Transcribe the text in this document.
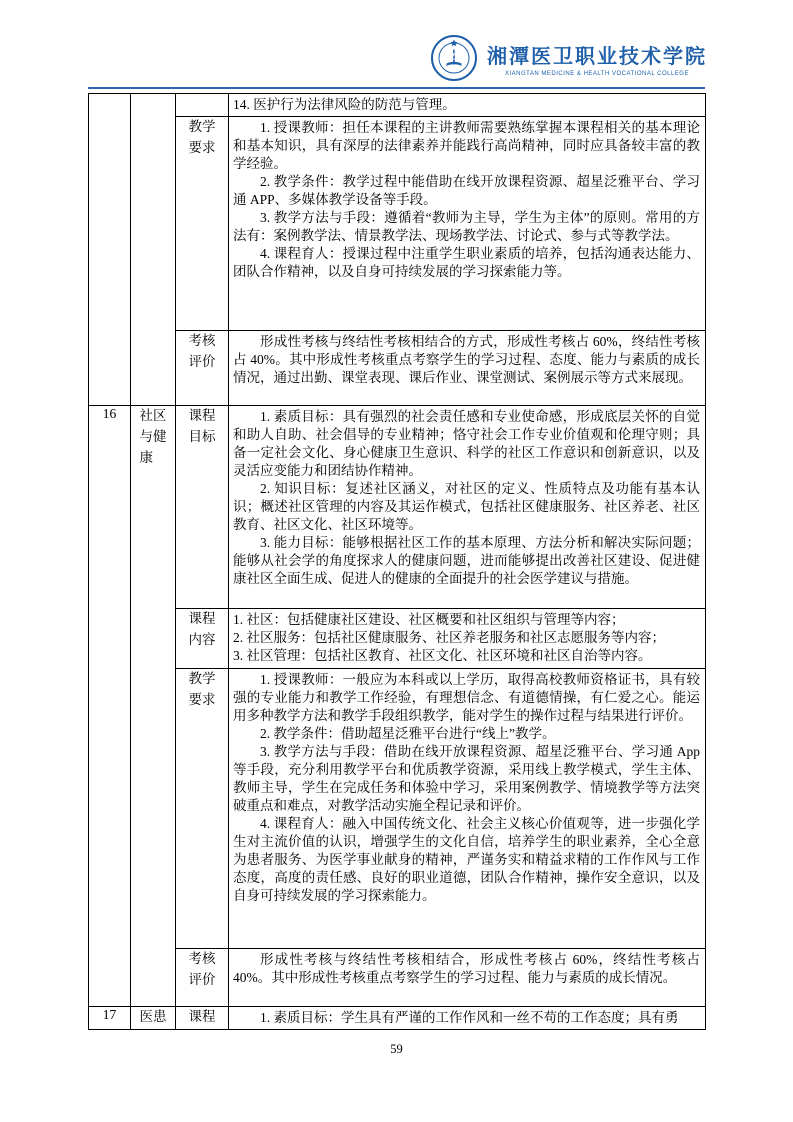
湘潭医卫职业技术学院
XIANGTAN MEDICINE & HEALTH VOCATIONAL COLLEGE

			14. 医护行为法律风险的防范与管理。

		教学要求	1. 授课教师：担任本课程的主讲教师需要熟练掌握本课程相关的基本理论和基本知识，具有深厚的法律素养并能践行高尚精神，同时应具备较丰富的教学经验。

2. 教学条件：教学过程中能借助在线开放课程资源、超星泛雅平台、学习通 APP、多媒体教学设备等手段。

3. 教学方法与手段：遵循着“教师为主导，学生为主体”的原则。常用的方法有：案例教学法、情景教学法、现场教学法、讨论式、参与式等教学法。

4. 课程育人：授课过程中注重学生职业素质的培养，包括沟通表达能力、团队合作精神，以及自身可持续发展的学习探索能力等。

		考核评价	形成性考核与终结性考核相结合的方式，形成性考核占 60%，终结性考核占 40%。其中形成性考核重点考察学生的学习过程、态度、能力与素质的成长情况，通过出勤、课堂表现、课后作业、课堂测试、案例展示等方式来展现。

16	社区与健康	课程目标	1. 素质目标：具有强烈的社会责任感和专业使命感，形成底层关怀的自觉和助人自助、社会倡导的专业精神；恪守社会工作专业价值观和伦理守则；具备一定社会文化、身心健康卫生意识、科学的社区工作意识和创新意识，以及灵活应变能力和团结协作精神。

2. 知识目标：复述社区涵义，对社区的定义、性质特点及功能有基本认识；概述社区管理的内容及其运作模式，包括社区健康服务、社区养老、社区教育、社区文化、社区环境等。

3. 能力目标：能够根据社区工作的基本原理、方法分析和解决实际问题；能够从社会学的角度探求人的健康问题，进而能够提出改善社区建设、促进健康社区全面生成、促进人的健康的全面提升的社会医学建议与措施。

		课程内容	1. 社区：包括健康社区建设、社区概要和社区组织与管理等内容；

2. 社区服务：包括社区健康服务、社区养老服务和社区志愿服务等内容；

3. 社区管理：包括社区教育、社区文化、社区环境和社区自治等内容。

		教学要求	1. 授课教师：一般应为本科或以上学历，取得高校教师资格证书，具有较强的专业能力和教学工作经验，有理想信念、有道德情操，有仁爱之心。能运用多种教学方法和教学手段组织教学，能对学生的操作过程与结果进行评价。

2. 教学条件：借助超星泛雅平台进行“线上”教学。

3. 教学方法与手段：借助在线开放课程资源、超星泛雅平台、学习通 App 等手段，充分利用教学平台和优质教学资源，采用线上教学模式，学生主体、教师主导，学生在完成任务和体验中学习，采用案例教学、情境教学等方法突破重点和难点，对教学活动实施全程记录和评价。

4. 课程育人：融入中国传统文化、社会主义核心价值观等，进一步强化学生对主流价值的认识，增强学生的文化自信，培养学生的职业素养，全心全意为患者服务、为医学事业献身的精神，严谨务实和精益求精的工作作风与工作态度，高度的责任感、良好的职业道德，团队合作精神，操作安全意识，以及自身可持续发展的学习探索能力。

		考核评价	形成性考核与终结性考核相结合，形成性考核占 60%，终结性考核占 40%。其中形成性考核重点考察学生的学习过程、能力与素质的成长情况。

17	医患	课程	1. 素质目标：学生具有严谨的工作作风和一丝不苟的工作态度；具有勇

59
